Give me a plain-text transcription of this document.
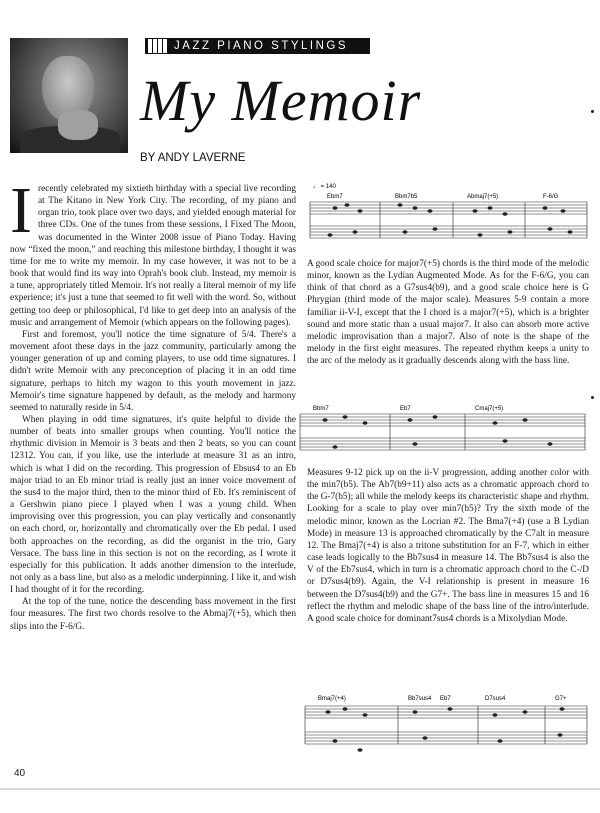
JAZZ PIANO STYLINGS
My Memoir
BY ANDY LAVERNE

Irecently celebrated my sixtieth birthday with a special live recording at The Kitano in New York City. The recording, of my piano and organ trio, took place over two days, and yielded enough material for three CDs. One of the tunes from these sessions, I Fixed The Moon, was documented in the Winter 2008 issue of Piano Today. Having now “fixed the moon,” and reaching this milestone birthday, I thought it was time for me to write my memoir. In my case however, it was not to be a book that would find its way into Oprah's book club. Instead, my memoir is a tune, appropriately titled Memoir. It's not really a literal memoir of my life experience; it's just a tune that seemed to fit well with the word. So, without getting too deep or philosophical, I'd like to get deep into an analysis of the music and arrangement of Memoir (which appears on the following pages).

First and foremost, you'll notice the time signature of 5/4. There's a movement afoot these days in the jazz community, particularly among the younger generation of up and coming players, to use odd time signatures. I didn't write Memoir with any preconception of placing it in an odd time signature, perhaps to hitch my wagon to this youth movement in jazz. Memoir's time signature happened by default, as the melody and harmony seemed to naturally reside in 5/4.

When playing in odd time signatures, it's quite helpful to divide the number of beats into smaller groups when counting. You'll notice the rhythmic division in Memoir is 3 beats and then 2 beats, so you can count 12312. You can, if you like, use the interlude at measure 31 as an intro, which is what I did on the recording. This progression of Ebsus4 to an Eb major triad to an Eb minor triad is really just an inner voice movement of the sus4 to the major third, then to the minor third of Eb. It's reminiscent of a Gershwin piano piece I played when I was a young child. When improvising over this progression, you can play vertically and consonantly on each chord, or, horizontally and chromatically over the Eb pedal. I used both approaches on the recording, as did the organist in the trio, Gary Versace. The bass line in this section is not on the recording, as I wrote it especially for this publication. It adds another dimension to the interlude, not only as a bass line, but also as a melodic underpinning. I like it, and wish I had thought of it for the recording.

At the top of the tune, notice the descending bass movement in the first four measures. The first two chords resolve to the Abmaj7(+5), which then slips into the F-6/G.

♩ = 140
Ebm7	Bbm7b5	Abmaj7(+5)	F-6/G
A good scale choice for major7(+5) chords is the third mode of the melodic minor, known as the Lydian Augmented Mode. As for the F-6/G, you can think of that chord as a G7sus4(b9), and a good scale choice here is G Phrygian (third mode of the major scale). Measures 5-9 contain a more familiar ii-V-I, except that the I chord is a major7(+5), which is a brighter sound and more static than a usual major7. It also can absorb more active melodic improvisation than a major7. Also of note is the shape of the melody in the first eight measures. The repeated rhythm keeps a unity to the arc of the melody as it gradually descends along with the bass line.
Bbm7	Eb7	Cmaj7(+5)
Measures 9-12 pick up on the ii-V progression, adding another color with the min7(b5). The Ab7(b9+11) also acts as a chromatic approach chord to the G-7(b5); all while the melody keeps its characteristic shape and rhythm. Looking for a scale to play over min7(b5)? Try the sixth mode of the melodic minor, known as the Locrian #2. The Bma7(+4) (use a B Lydian Mode) in measure 13 is approached chromatically by the C7alt in measure 12. The Bmaj7(+4) is also a tritone substitution for an F-7, which in either case leads logically to the Bb7sus4 in measure 14. The Bb7sus4 is also the V of the Eb7sus4, which in turn is a chromatic approach chord to the C-/D or D7sus4(b9). Again, the V-I relationship is present in measure 16 between the D7sus4(b9) and the G7+. The bass line in measures 15 and 16 reflect the rhythm and melodic shape of the bass line of the intro/interlude. A good scale choice for dominant7sus4 chords is a Mixolydian Mode.
Bmaj7(+4)	Bb7sus4 Eb7	D7sus4	G7+
40
